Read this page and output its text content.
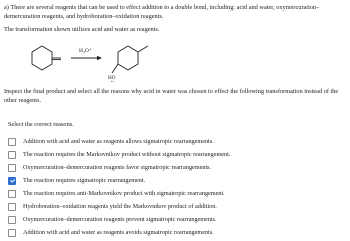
a) There are several reagents that can be used to effect addition to a double bond, including: acid and water, oxymercuration–demercuration reagents, and hydroboration–oxidation reagents.
The transformation shown utilizes acid and water as reagents.
H₃O⁺
HO
Inspect the final product and select all the reasons why acid in water was chosen to effect the following transformation instead of the other reagents.
Select the correct reasons.
Addition with acid and water as reagents allows sigmatropic rearrangements.
The reaction requires the Markovnikov product without sigmatropic rearrangement.
Oxymercuration–demercuration reagents favor sigmatropic rearrangements.
The reaction requires sigmatropic rearrangement.
The reaction requires anti-Markovnikov product with sigmatropic rearrangement.
Hydroboration–oxidation reagents yield the Markovnikov product of addition.
Oxymercuration–demercuration reagents prevent sigmatropic rearrangements.
Addition with acid and water as reagents avoids sigmatropic rearrangements.
